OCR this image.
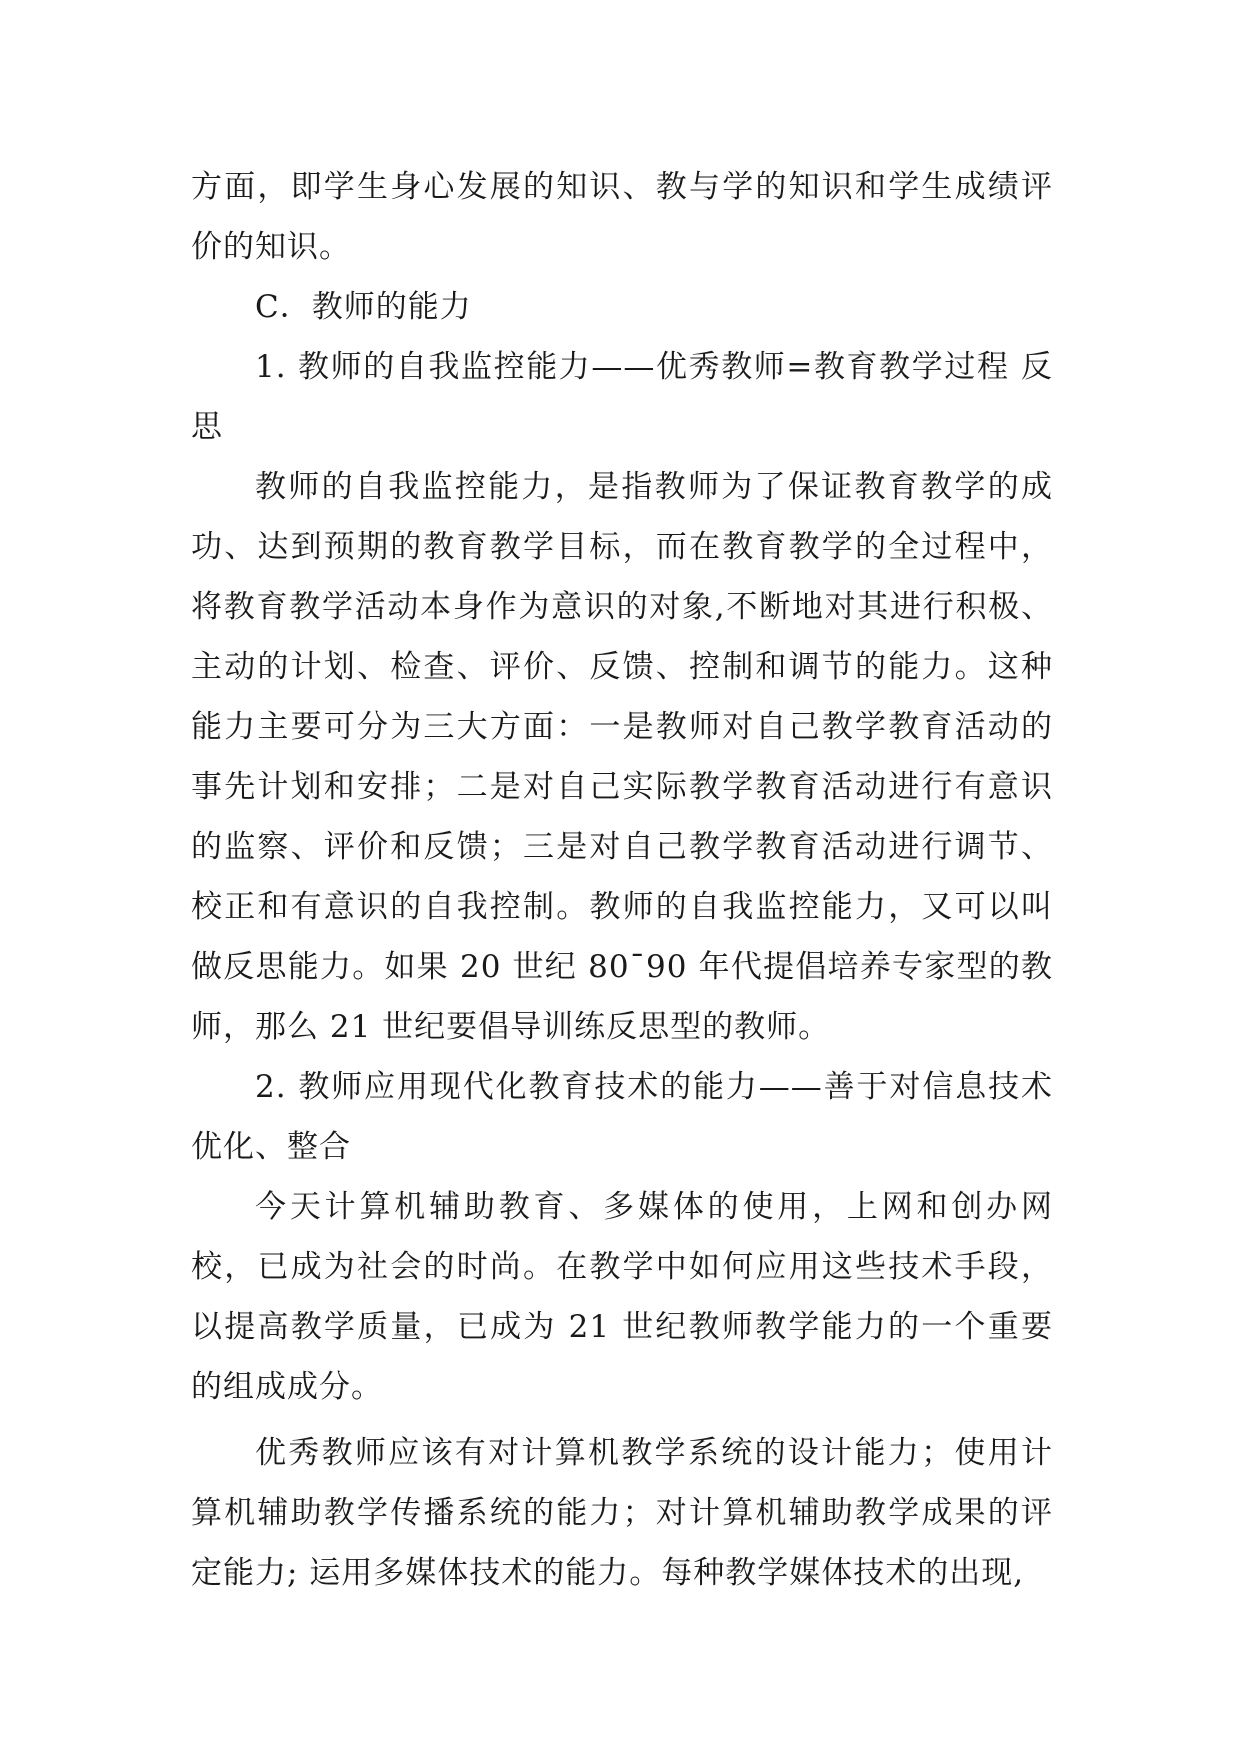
方面，即学生身心发展的知识、教与学的知识和学生成绩评价的知识。

C．教师的能力

1. 教师的自我监控能力——优秀教师=教育教学过程 反思

教师的自我监控能力，是指教师为了保证教育教学的成功、达到预期的教育教学目标，而在教育教学的全过程中，将教育教学活动本身作为意识的对象,不断地对其进行积极、主动的计划、检查、评价、反馈、控制和调节的能力。这种能力主要可分为三大方面：一是教师对自己教学教育活动的事先计划和安排；二是对自己实际教学教育活动进行有意识的监察、评价和反馈；三是对自己教学教育活动进行调节、校正和有意识的自我控制。教师的自我监控能力，又可以叫做反思能力。如果 20 世纪 80¯90 年代提倡培养专家型的教师，那么 21 世纪要倡导训练反思型的教师。

2. 教师应用现代化教育技术的能力——善于对信息技术优化、整合

今天计算机辅助教育、多媒体的使用，上网和创办网校，已成为社会的时尚。在教学中如何应用这些技术手段，以提高教学质量，已成为 21 世纪教师教学能力的一个重要的组成成分。

优秀教师应该有对计算机教学系统的设计能力；使用计算机辅助教学传播系统的能力；对计算机辅助教学成果的评定能力; 运用多媒体技术的能力。每种教学媒体技术的出现,
